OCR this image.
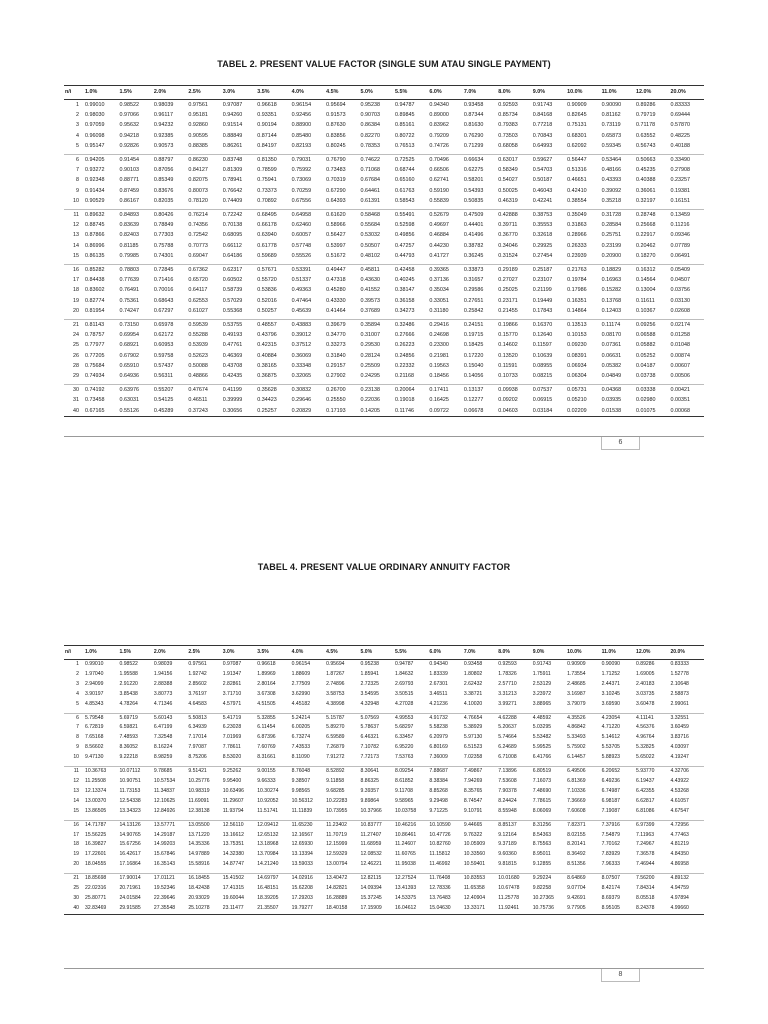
TABEL 2. PRESENT VALUE FACTOR (SINGLE SUM ATAU SINGLE PAYMENT)
n/i	1.0%	1.5%	2.0%	2.5%	3.0%	3.5%	4.0%	4.5%	5.0%	5.5%	6.0%	7.0%	8.0%	9.0%	10.0%	11.0%	12.0%	20.0%
1	0.99010	0.98522	0.98039	0.97561	0.97087	0.96618	0.96154	0.95694	0.95238	0.94787	0.94340	0.93458	0.92593	0.91743	0.90909	0.90090	0.89286	0.83333
2	0.98030	0.97066	0.96117	0.95181	0.94260	0.93351	0.92456	0.91573	0.90703	0.89845	0.89000	0.87344	0.85734	0.84168	0.82645	0.81162	0.79719	0.69444
3	0.97059	0.95632	0.94232	0.92860	0.91514	0.90194	0.88900	0.87630	0.86384	0.85161	0.83962	0.81630	0.79383	0.77218	0.75131	0.73119	0.71178	0.57870
4	0.96098	0.94218	0.92385	0.90595	0.88849	0.87144	0.85480	0.83856	0.82270	0.80722	0.79209	0.76290	0.73503	0.70843	0.68301	0.65873	0.63552	0.48225
5	0.95147	0.92826	0.90573	0.88385	0.86261	0.84197	0.82193	0.80245	0.78353	0.76513	0.74726	0.71299	0.68058	0.64993	0.62092	0.59345	0.56743	0.40188

6	0.94205	0.91454	0.88797	0.86230	0.83748	0.81350	0.79031	0.76790	0.74622	0.72525	0.70496	0.66634	0.63017	0.59627	0.56447	0.53464	0.50663	0.33490
7	0.93272	0.90103	0.87056	0.84127	0.81309	0.78599	0.75992	0.73483	0.71068	0.68744	0.66506	0.62275	0.58349	0.54703	0.51316	0.48166	0.45235	0.27908
8	0.92348	0.88771	0.85349	0.82075	0.78941	0.75941	0.73069	0.70319	0.67684	0.65160	0.62741	0.58201	0.54027	0.50187	0.46651	0.43393	0.40388	0.23257
9	0.91434	0.87459	0.83676	0.80073	0.76642	0.73373	0.70259	0.67290	0.64461	0.61763	0.59190	0.54393	0.50025	0.46043	0.42410	0.39092	0.36061	0.19381
10	0.90529	0.86167	0.82035	0.78120	0.74409	0.70892	0.67556	0.64393	0.61391	0.58543	0.55839	0.50835	0.46319	0.42241	0.38554	0.35218	0.32197	0.16151

11	0.89632	0.84893	0.80426	0.76214	0.72242	0.68495	0.64958	0.61620	0.58468	0.55491	0.52679	0.47509	0.42888	0.38753	0.35049	0.31728	0.28748	0.13459
12	0.88745	0.83639	0.78849	0.74356	0.70138	0.66178	0.62460	0.58966	0.55684	0.52598	0.49697	0.44401	0.39711	0.35553	0.31863	0.28584	0.25668	0.11216
13	0.87866	0.82403	0.77303	0.72542	0.68095	0.63940	0.60057	0.56427	0.53032	0.49856	0.46884	0.41496	0.36770	0.32618	0.28966	0.25751	0.22917	0.09346
14	0.86996	0.81185	0.75788	0.70773	0.66112	0.61778	0.57748	0.53997	0.50507	0.47257	0.44230	0.38782	0.34046	0.29925	0.26333	0.23199	0.20462	0.07789
15	0.86135	0.79985	0.74301	0.69047	0.64186	0.59689	0.55526	0.51672	0.48102	0.44793	0.41727	0.36245	0.31524	0.27454	0.23939	0.20900	0.18270	0.06491

16	0.85282	0.78803	0.72845	0.67362	0.62317	0.57671	0.53391	0.49447	0.45811	0.42458	0.39365	0.33873	0.29189	0.25187	0.21763	0.18829	0.16312	0.05409
17	0.84438	0.77639	0.71416	0.65720	0.60502	0.55720	0.51337	0.47318	0.43630	0.40245	0.37136	0.31657	0.27027	0.23107	0.19784	0.16963	0.14564	0.04507
18	0.83602	0.76491	0.70016	0.64117	0.58739	0.53836	0.49363	0.45280	0.41552	0.38147	0.35034	0.29586	0.25025	0.21199	0.17986	0.15282	0.13004	0.03756
19	0.82774	0.75361	0.68643	0.62553	0.57029	0.52016	0.47464	0.43330	0.39573	0.36158	0.33051	0.27651	0.23171	0.19449	0.16351	0.13768	0.11611	0.03130
20	0.81954	0.74247	0.67297	0.61027	0.55368	0.50257	0.45639	0.41464	0.37689	0.34273	0.31180	0.25842	0.21455	0.17843	0.14864	0.12403	0.10367	0.02608

21	0.81143	0.73150	0.65978	0.59539	0.53755	0.48557	0.43883	0.39679	0.35894	0.32486	0.29416	0.24151	0.19866	0.16370	0.13513	0.11174	0.09256	0.02174
24	0.78757	0.69954	0.62172	0.55288	0.49193	0.43796	0.39012	0.34770	0.31007	0.27666	0.24698	0.19715	0.15770	0.12640	0.10153	0.08170	0.06588	0.01258
25	0.77977	0.68921	0.60953	0.53939	0.47761	0.42315	0.37512	0.33273	0.29530	0.26223	0.23300	0.18425	0.14602	0.11597	0.09230	0.07361	0.05882	0.01048
26	0.77205	0.67902	0.59758	0.52623	0.46369	0.40884	0.36069	0.31840	0.28124	0.24856	0.21981	0.17220	0.13520	0.10639	0.08391	0.06631	0.05252	0.00874
28	0.75684	0.65910	0.57437	0.50088	0.43708	0.38165	0.33348	0.29157	0.25509	0.22332	0.19563	0.15040	0.11591	0.08955	0.06934	0.05382	0.04187	0.00607
29	0.74934	0.64936	0.56311	0.48866	0.42435	0.36875	0.32065	0.27902	0.24295	0.21168	0.18456	0.14056	0.10733	0.08215	0.06304	0.04849	0.03738	0.00506

30	0.74192	0.63976	0.55207	0.47674	0.41199	0.35628	0.30832	0.26700	0.23138	0.20064	0.17411	0.13137	0.09938	0.07537	0.05731	0.04368	0.03338	0.00421
31	0.73458	0.63031	0.54125	0.46511	0.39999	0.34423	0.29646	0.25550	0.22036	0.19018	0.16425	0.12277	0.09202	0.06915	0.05210	0.03935	0.02980	0.00351
40	0.67165	0.55126	0.45289	0.37243	0.30656	0.25257	0.20829	0.17193	0.14205	0.11746	0.09722	0.06678	0.04603	0.03184	0.02209	0.01538	0.01075	0.00068
6
TABEL 4. PRESENT VALUE ORDINARY ANNUITY FACTOR
n/i	1.0%	1.5%	2.0%	2.5%	3.0%	3.5%	4.0%	4.5%	5.0%	5.5%	6.0%	7.0%	8.0%	9.0%	10.0%	11.0%	12.0%	20.0%
1	0.99010	0.98522	0.98039	0.97561	0.97087	0.96618	0.96154	0.95694	0.95238	0.94787	0.94340	0.93458	0.92593	0.91743	0.90909	0.90090	0.89286	0.83333
2	1.97040	1.95588	1.94156	1.92742	1.91347	1.89969	1.88609	1.87267	1.85941	1.84632	1.83339	1.80802	1.78326	1.75911	1.73554	1.71252	1.69005	1.52778
3	2.94099	2.91220	2.88388	2.85602	2.82861	2.80164	2.77509	2.74896	2.72325	2.69793	2.67301	2.62432	2.57710	2.53129	2.48685	2.44371	2.40183	2.10648
4	3.90197	3.85438	3.80773	3.76197	3.71710	3.67308	3.62990	3.58753	3.54595	3.50515	3.46511	3.38721	3.31213	3.23972	3.16987	3.10245	3.03735	2.58873
5	4.85343	4.78264	4.71346	4.64583	4.57971	4.51505	4.45182	4.38998	4.32948	4.27028	4.21236	4.10020	3.99271	3.88965	3.79079	3.69590	3.60478	2.99061

6	5.79548	5.69719	5.60143	5.50813	5.41719	5.32855	5.24214	5.15787	5.07569	4.99553	4.91732	4.76654	4.62288	4.48592	4.35526	4.23054	4.11141	3.32551
7	6.72819	6.59821	6.47199	6.34939	6.23028	6.11454	6.00205	5.89270	5.78637	5.68297	5.58238	5.38929	5.20637	5.03295	4.86842	4.71220	4.56376	3.60459
8	7.65168	7.48593	7.32548	7.17014	7.01969	6.87396	6.73274	6.59589	6.46321	6.33457	6.20979	5.97130	5.74664	5.53482	5.33493	5.14612	4.96764	3.83716
9	8.56602	8.36052	8.16224	7.97087	7.78611	7.60769	7.43533	7.26879	7.10782	6.95220	6.80169	6.51523	6.24689	5.99525	5.75902	5.53705	5.32825	4.03097
10	9.47130	9.22218	8.98259	8.75206	8.53020	8.31661	8.11090	7.91272	7.72173	7.53763	7.36009	7.02358	6.71008	6.41766	6.14457	5.88923	5.65022	4.19247

11	10.36763	10.07112	9.78685	9.51421	9.25262	9.00155	8.76048	8.52892	8.30641	8.09254	7.88687	7.49867	7.13896	6.80519	6.49506	6.20652	5.93770	4.32706
12	11.25508	10.90751	10.57534	10.25776	9.95400	9.66333	9.38507	9.11858	8.86325	8.61852	8.38384	7.94269	7.53608	7.16073	6.81369	6.49236	6.19437	4.43922
13	12.13374	11.73153	11.34837	10.98319	10.63496	10.30274	9.98565	9.68285	9.39357	9.11708	8.85268	8.35765	7.90378	7.48690	7.10336	6.74987	6.42355	4.53268
14	13.00370	12.54338	12.10625	11.69091	11.29607	10.92052	10.56312	10.22283	9.89864	9.58965	9.29498	8.74547	8.24424	7.78615	7.36669	6.98187	6.62817	4.61057
15	13.86505	13.34323	12.84926	12.38138	11.93794	11.51741	11.11839	10.73955	10.37966	10.03758	9.71225	9.10791	8.55948	8.06069	7.60608	7.19087	6.81086	4.67547

16	14.71787	14.13126	13.57771	13.05500	12.56110	12.09412	11.65230	11.23402	10.83777	10.46216	10.10590	9.44665	8.85137	8.31256	7.82371	7.37916	6.97399	4.72956
17	15.56225	14.90765	14.29187	13.71220	13.16612	12.65132	12.16567	11.70719	11.27407	10.86461	10.47726	9.76322	9.12164	8.54363	8.02155	7.54879	7.11963	4.77463
18	16.39827	15.67256	14.99203	14.35336	13.75351	13.18968	12.65930	12.15999	11.68959	11.24607	10.82760	10.05909	9.37189	8.75563	8.20141	7.70162	7.24967	4.81219
19	17.22601	16.42617	15.67846	14.97889	14.32380	13.70984	13.13394	12.59329	12.08532	11.60765	11.15812	10.33560	9.60360	8.95011	8.36492	7.83929	7.36578	4.84350
20	18.04555	17.16864	16.35143	15.58916	14.87747	14.21240	13.59033	13.00794	12.46221	11.95038	11.46992	10.59401	9.81815	9.12855	8.51356	7.96333	7.46944	4.86958

21	18.85698	17.90014	17.01121	16.18455	15.41502	14.69797	14.02916	13.40472	12.82115	12.27524	11.76408	10.83553	10.01680	9.29224	8.64869	8.07507	7.56200	4.89132
25	22.02316	20.71961	19.52346	18.42438	17.41315	16.48151	15.62208	14.82821	14.09394	13.41393	12.78336	11.65358	10.67478	9.82258	9.07704	8.42174	7.84314	4.94759
30	25.80771	24.01584	22.39646	20.93029	19.60044	18.39205	17.29203	16.28889	15.37245	14.53375	13.76483	12.40904	11.25778	10.27365	9.42691	8.69379	8.05518	4.97894
40	32.83469	29.91585	27.35548	25.10278	23.11477	21.35507	19.79277	18.40158	17.15909	16.04612	15.04630	13.33171	11.92461	10.75736	9.77905	8.95105	8.24378	4.99660
8
